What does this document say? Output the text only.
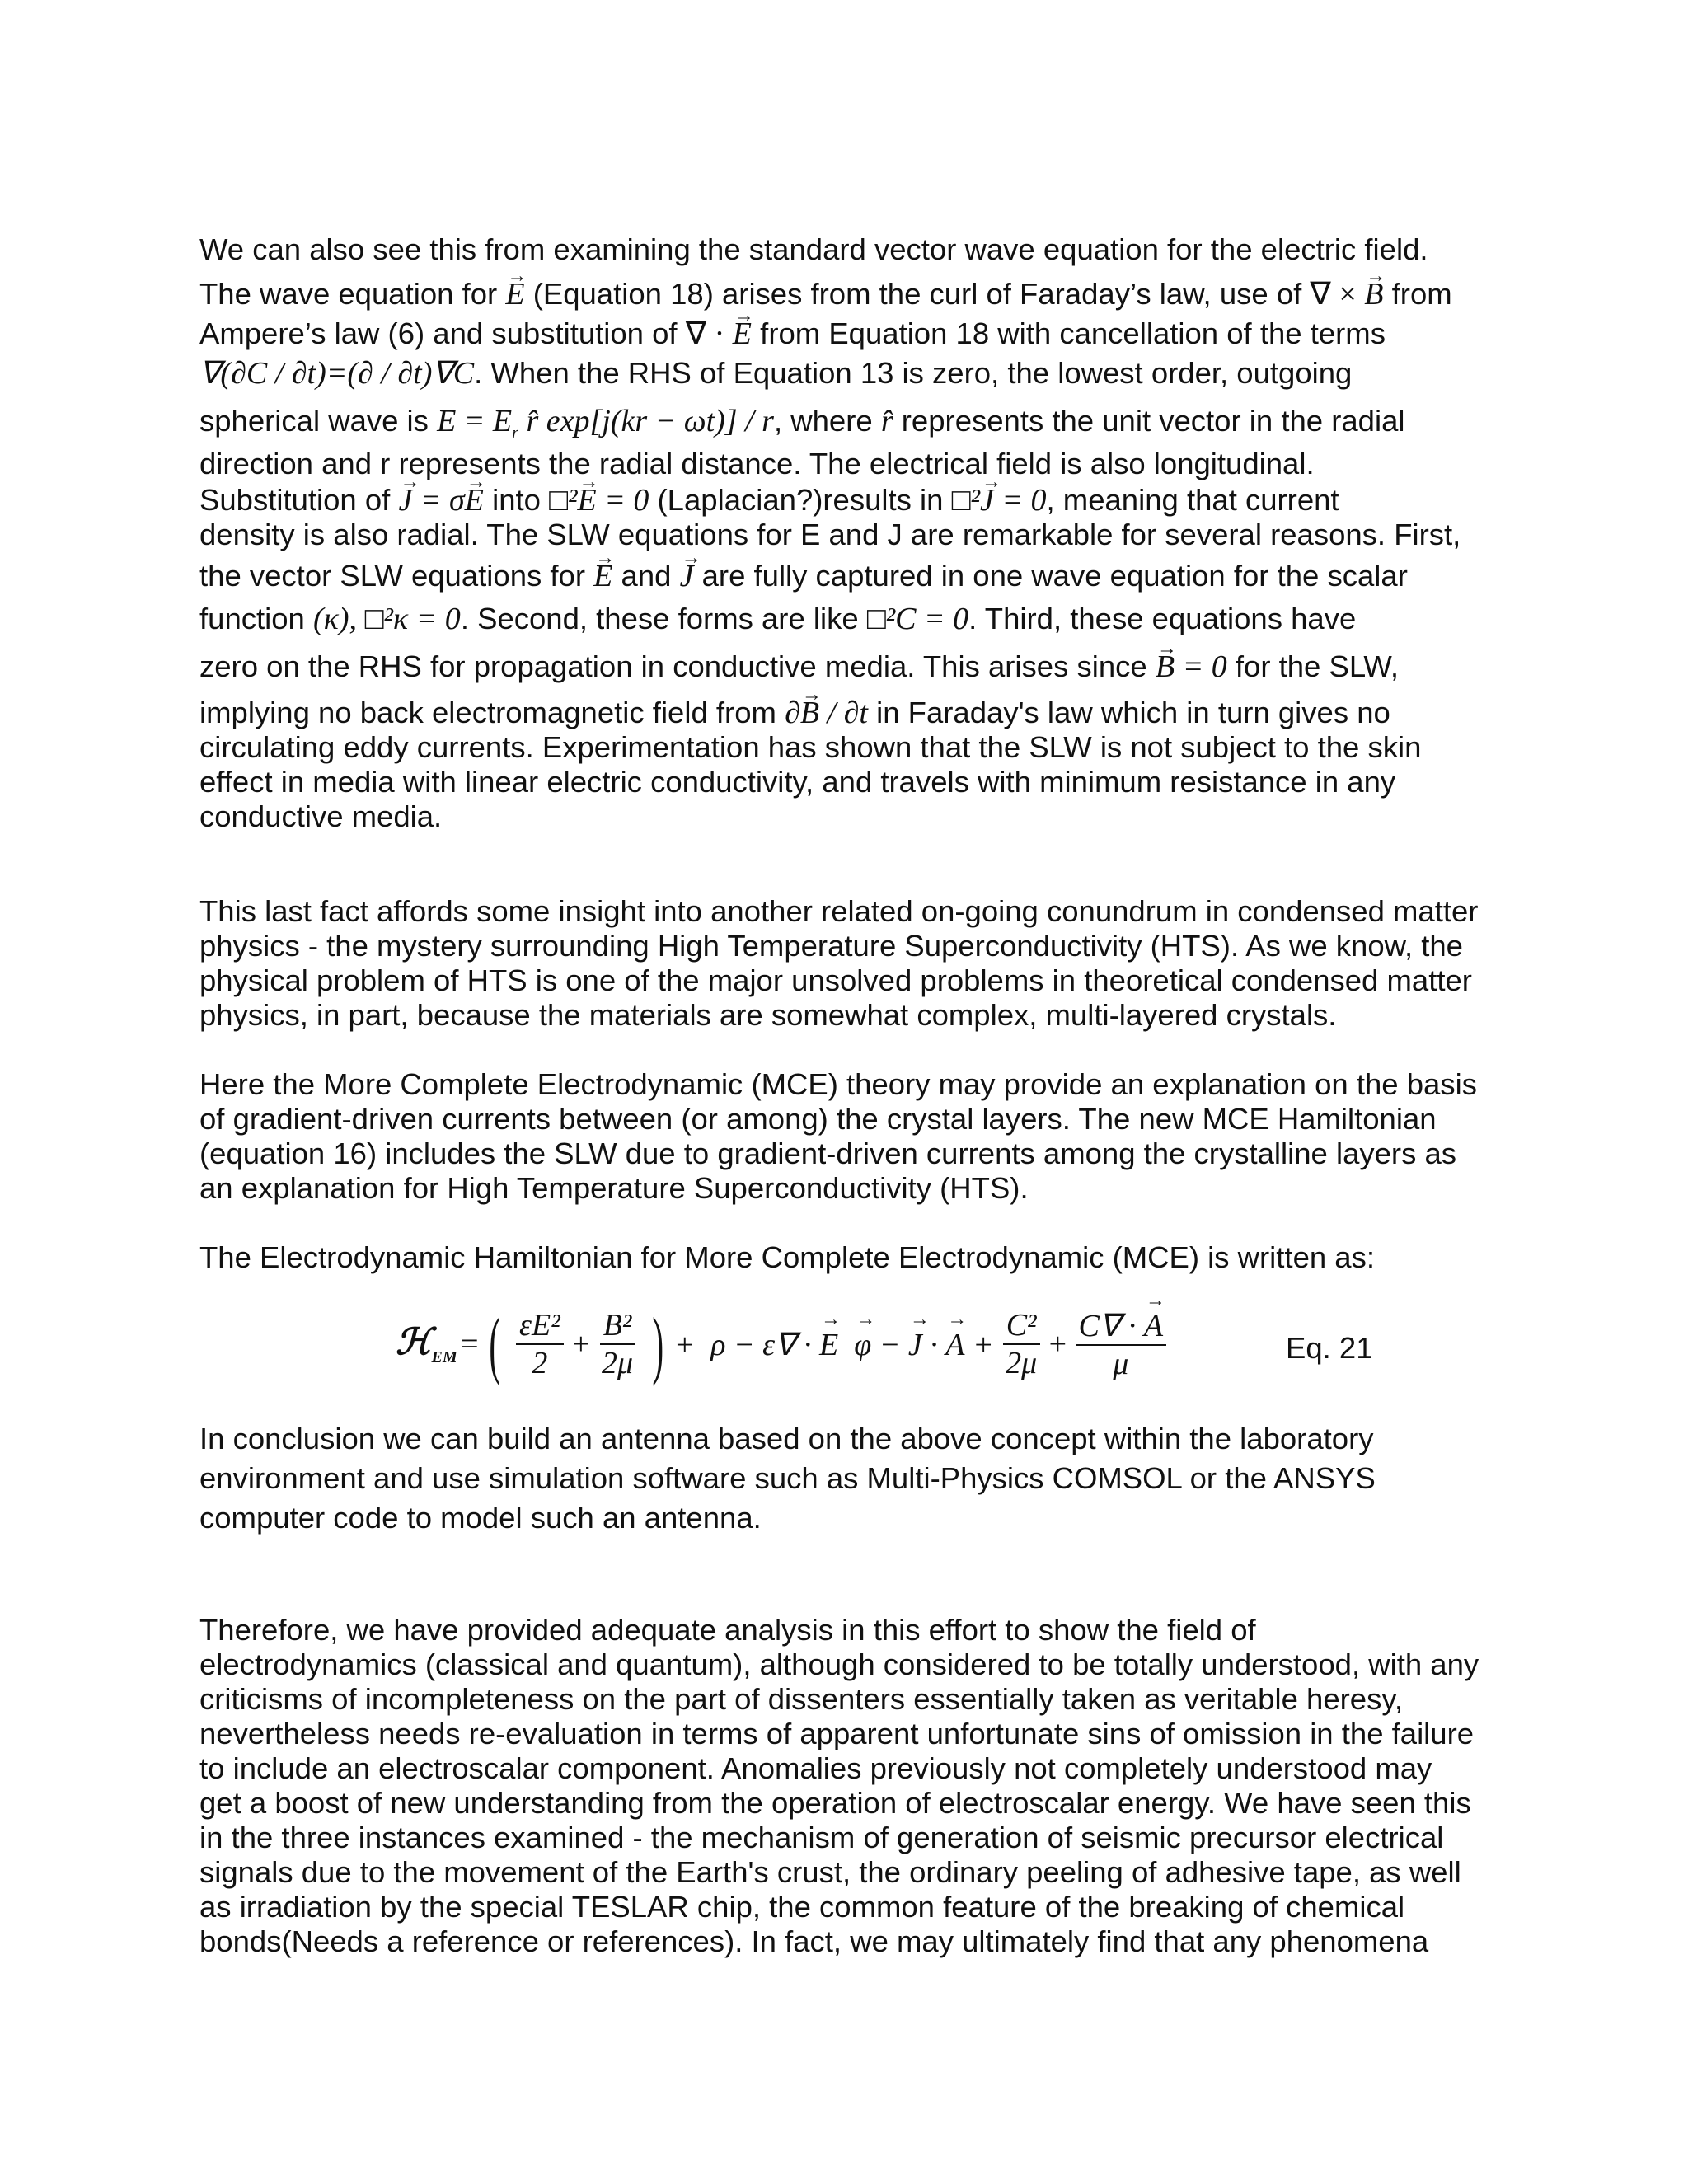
We can also see this from examining the standard vector wave equation for the electric field.
The wave equation for → E (Equation 18) arises from the curl of Faraday’s law, use of ∇ × → B from
Ampere’s law (6) and substitution of ∇ · → E from Equation 18 with cancellation of the terms
∇(∂C / ∂t)=(∂ / ∂t)∇C. When the RHS of Equation 13 is zero, the lowest order, outgoing
spherical wave is $E = E_r$ r̂ exp[j(kr − ωt)] / r, where r̂ represents the unit vector in the radial
direction and r represents the radial distance. The electrical field is also longitudinal.
Substitution of → J = σ→ E into □²→ E = 0 (Laplacian?)results in □²→ J = 0, meaning that current
density is also radial. The SLW equations for E and J are remarkable for several reasons. First,
the vector SLW equations for → E and → J are fully captured in one wave equation for the scalar
function (κ), □²κ = 0. Second, these forms are like □²C = 0. Third, these equations have
zero on the RHS for propagation in conductive media. This arises since → B = 0 for the SLW,
implying no back electromagnetic field from ∂→ B / ∂t in Faraday's law which in turn gives no
circulating eddy currents. Experimentation has shown that the SLW is not subject to the skin
effect in media with linear electric conductivity, and travels with minimum resistance in any
conductive media.
This last fact affords some insight into another related on-going conundrum in condensed matter
physics - the mystery surrounding High Temperature Superconductivity (HTS). As we know, the
physical problem of HTS is one of the major unsolved problems in theoretical condensed matter
physics, in part, because the materials are somewhat complex, multi-layered crystals.
Here the More Complete Electrodynamic (MCE) theory may provide an explanation on the basis
of gradient-driven currents between (or among) the crystal layers. The new MCE Hamiltonian
(equation 16) includes the SLW due to gradient-driven currents among the crystalline layers as
an explanation for High Temperature Superconductivity (HTS).
The Electrodynamic Hamiltonian for More Complete Electrodynamic (MCE) is written as:
ℋ$_{EM}$ = ( $\frac{\text{εE²}}{2} + \frac{\text{B²}}{2\mu}$ ) +  ρ − ε∇ · → E → φ − → J · → $A + \frac{\text{C²}}{2\mu} + \frac{C\nabla \cdot \to A}{\mu}$	Eq. 21
In conclusion we can build an antenna based on the above concept within the laboratory
environment and use simulation software such as Multi-Physics COMSOL or the ANSYS
computer code to model such an antenna.
Therefore, we have provided adequate analysis in this effort to show the field of
electrodynamics (classical and quantum), although considered to be totally understood, with any
criticisms of incompleteness on the part of dissenters essentially taken as veritable heresy,
nevertheless needs re-evaluation in terms of apparent unfortunate sins of omission in the failure
to include an electroscalar component. Anomalies previously not completely understood may
get a boost of new understanding from the operation of electroscalar energy. We have seen this
in the three instances examined - the mechanism of generation of seismic precursor electrical
signals due to the movement of the Earth's crust, the ordinary peeling of adhesive tape, as well
as irradiation by the special TESLAR chip, the common feature of the breaking of chemical
bonds(Needs a reference or references). In fact, we may ultimately find that any phenomena
